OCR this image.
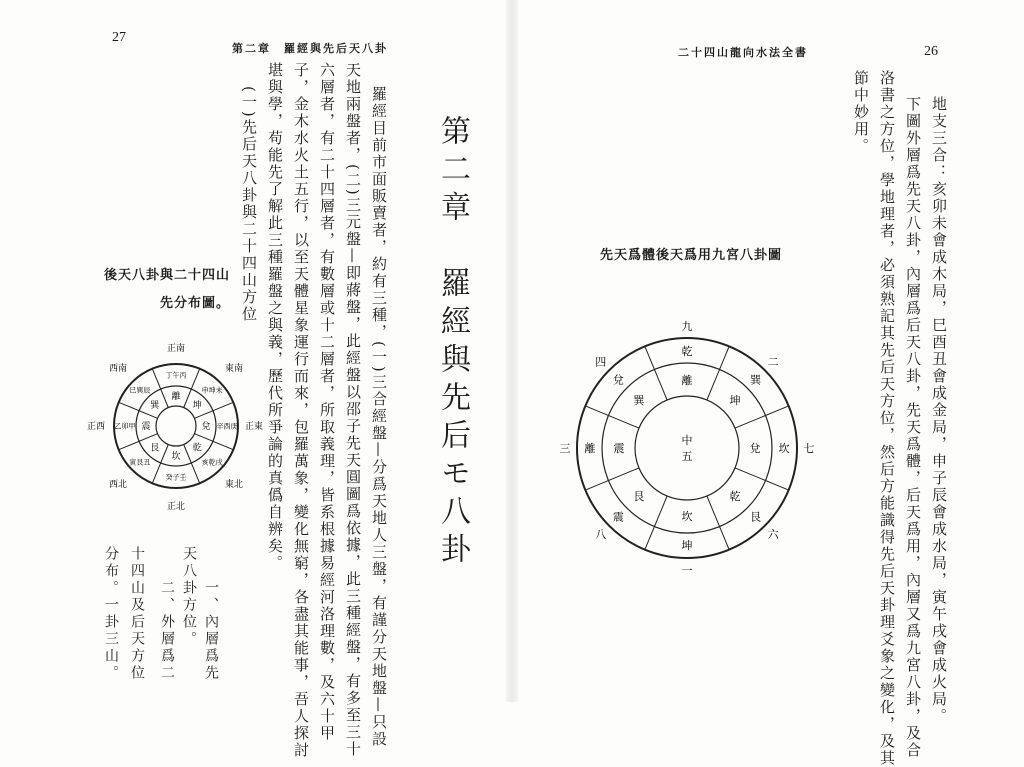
27
第二章　羅經與先后天八卦
第二章　羅經與先后モ八卦
羅經目前市面販賣者，約有三種，(一)三合經盤—分爲天地人三盤，有謹分天地盤—只設
天地兩盤者，(二)三元盤—即蔣盤，此經盤以邵子先天圓圖爲依據，此三種經盤，有多至三十
六層者，有二十四層者，有數層或十二層者，所取義理，皆系根據易經河洛理數，及六十甲
子，金木水火土五行，以至天體星象運行而來，包羅萬象，變化無窮，各盡其能事，吾人探討
堪與學，苟能先了解此三種羅盤之與義，歷代所爭論的真僞自辨矣。
(一)先后天八卦與二十四山方位
後天八卦與二十四山
先分布圖。
離
坤
兌
乾
坎
艮
震
巽
丁午丙
申坤未
辛酉庚
亥乾戌
癸子壬
寅艮丑
乙卯甲
巳巽辰
正南
正東
正北
正西
東南
東北
西北
西南
一、內層爲先
天八卦方位。
二、外層爲二
十四山及后天方位
分布。一卦三山。
二十四山龍向水法全書	26
地支三合：亥卯未會成木局，巳酉丑會成金局，申子辰會成水局，寅午戌會成火局。
下圖外層爲先天八卦，內層爲后天八卦，先天爲體，后天爲用，內層又爲九宮八卦，及合
洛書之方位，學地理者，必須熟記其先后天方位，然后方能識得先后天卦理爻象之變化，及其
節中妙用。
先天爲體後天爲用九宮八卦圖
離
坤
兌
乾
坎
艮
震
巽
乾
巽
坎
艮
坤
震
離
兌
九
二
七
六
一
八
三
四
中
五
